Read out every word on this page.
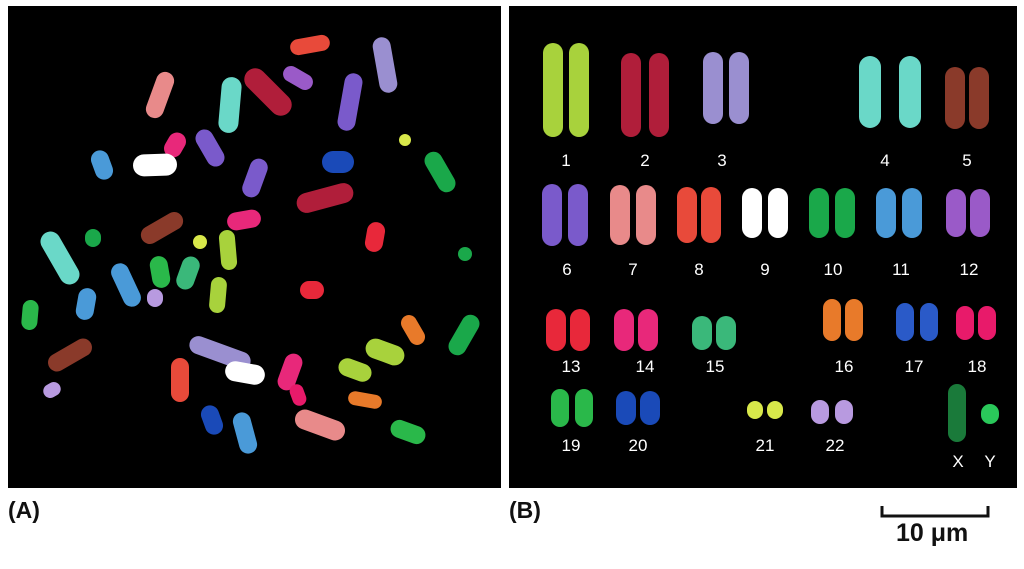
1	2	3	4	5
6	7	8	9	10	11	12
13	14	15	16	17	18
19	20	21	22
X Y
(A)	(B)
10 μm
